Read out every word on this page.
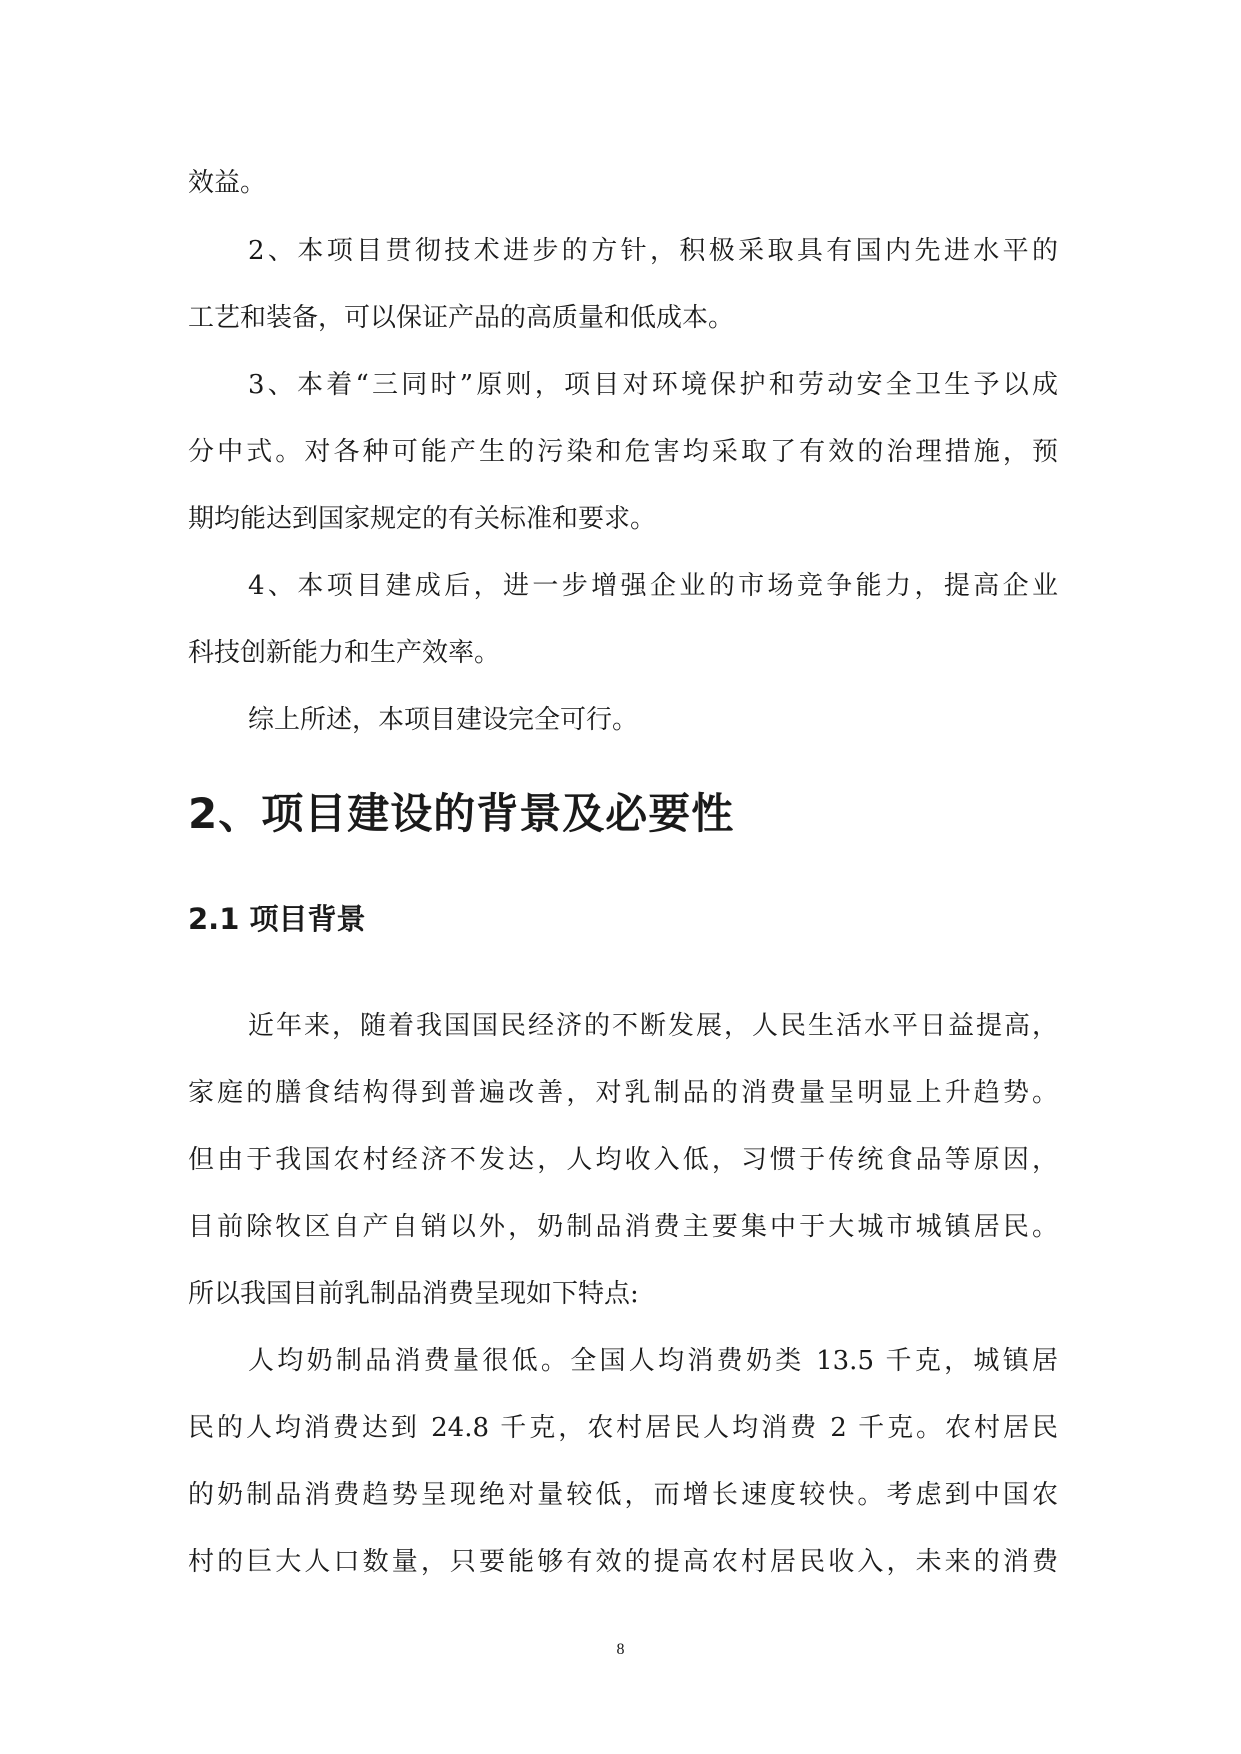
效益。
2、本项目贯彻技术进步的方针，积极采取具有国内先进水平的
工艺和装备，可以保证产品的高质量和低成本。
3、本着“三同时”原则，项目对环境保护和劳动安全卫生予以成
分中式。对各种可能产生的污染和危害均采取了有效的治理措施，预
期均能达到国家规定的有关标准和要求。
4、本项目建成后，进一步增强企业的市场竞争能力，提高企业
科技创新能力和生产效率。
综上所述，本项目建设完全可行。
2、项目建设的背景及必要性
2.1 项目背景
近年来，随着我国国民经济的不断发展，人民生活水平日益提高，
家庭的膳食结构得到普遍改善，对乳制品的消费量呈明显上升趋势。
但由于我国农村经济不发达，人均收入低，习惯于传统食品等原因，
目前除牧区自产自销以外，奶制品消费主要集中于大城市城镇居民。
所以我国目前乳制品消费呈现如下特点:
人均奶制品消费量很低。全国人均消费奶类 13.5 千克，城镇居
民的人均消费达到 24.8 千克，农村居民人均消费 2 千克。农村居民
的奶制品消费趋势呈现绝对量较低，而增长速度较快。考虑到中国农
村的巨大人口数量，只要能够有效的提高农村居民收入，未来的消费
8
